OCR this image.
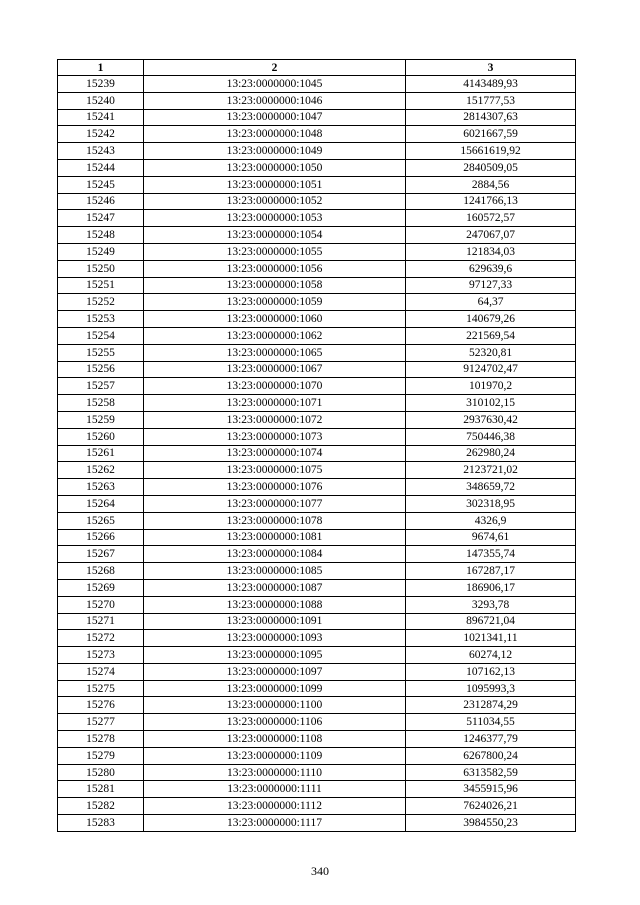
1	2	3
15239	13:23:0000000:1045	4143489,93
15240	13:23:0000000:1046	151777,53
15241	13:23:0000000:1047	2814307,63
15242	13:23:0000000:1048	6021667,59
15243	13:23:0000000:1049	15661619,92
15244	13:23:0000000:1050	2840509,05
15245	13:23:0000000:1051	2884,56
15246	13:23:0000000:1052	1241766,13
15247	13:23:0000000:1053	160572,57
15248	13:23:0000000:1054	247067,07
15249	13:23:0000000:1055	121834,03
15250	13:23:0000000:1056	629639,6
15251	13:23:0000000:1058	97127,33
15252	13:23:0000000:1059	64,37
15253	13:23:0000000:1060	140679,26
15254	13:23:0000000:1062	221569,54
15255	13:23:0000000:1065	52320,81
15256	13:23:0000000:1067	9124702,47
15257	13:23:0000000:1070	101970,2
15258	13:23:0000000:1071	310102,15
15259	13:23:0000000:1072	2937630,42
15260	13:23:0000000:1073	750446,38
15261	13:23:0000000:1074	262980,24
15262	13:23:0000000:1075	2123721,02
15263	13:23:0000000:1076	348659,72
15264	13:23:0000000:1077	302318,95
15265	13:23:0000000:1078	4326,9
15266	13:23:0000000:1081	9674,61
15267	13:23:0000000:1084	147355,74
15268	13:23:0000000:1085	167287,17
15269	13:23:0000000:1087	186906,17
15270	13:23:0000000:1088	3293,78
15271	13:23:0000000:1091	896721,04
15272	13:23:0000000:1093	1021341,11
15273	13:23:0000000:1095	60274,12
15274	13:23:0000000:1097	107162,13
15275	13:23:0000000:1099	1095993,3
15276	13:23:0000000:1100	2312874,29
15277	13:23:0000000:1106	511034,55
15278	13:23:0000000:1108	1246377,79
15279	13:23:0000000:1109	6267800,24
15280	13:23:0000000:1110	6313582,59
15281	13:23:0000000:1111	3455915,96
15282	13:23:0000000:1112	7624026,21
15283	13:23:0000000:1117	3984550,23
340
